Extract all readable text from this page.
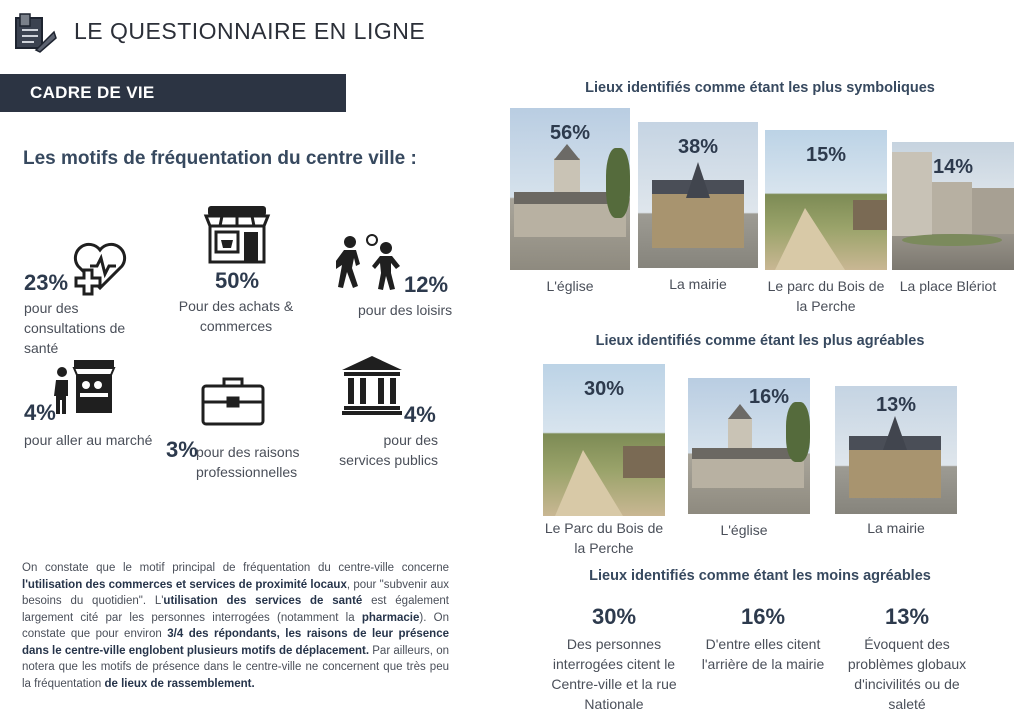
LE QUESTIONNAIRE EN LIGNE
CADRE DE VIE
Les motifs de fréquentation du centre ville :
23%
pour des consultations de santé
50%
Pour des achats & commerces
12%
pour des loisirs
4%
pour aller au marché 3%
pour des raisons professionnelles
4%
pour des services publics
On constate que le motif principal de fréquentation du centre-ville concerne l'utilisation des commerces et services de proximité locaux, pour "subvenir aux besoins du quotidien". L'utilisation des services de santé est également largement cité par les personnes interrogées (notamment la pharmacie). On constate que pour environ 3/4 des répondants, les raisons de leur présence dans le centre-ville englobent plusieurs motifs de déplacement. Par ailleurs, on notera que les motifs de présence dans le centre-ville ne concernent que très peu la fréquentation de lieux de rassemblement.
Lieux identifiés comme étant les plus symboliques
56%
L'église
38%
La mairie
15%
Le parc du Bois de la Perche
14%
La place Blériot
Lieux identifiés comme étant les plus agréables
30%
Le Parc du Bois de la Perche
16%
L'église
13%
La mairie
Lieux identifiés comme étant les moins agréables
30%
Des personnes interrogées citent le Centre-ville et la rue Nationale
16%
D'entre elles citent l'arrière de la mairie
13%
Évoquent des problèmes globaux d'incivilités ou de saleté
